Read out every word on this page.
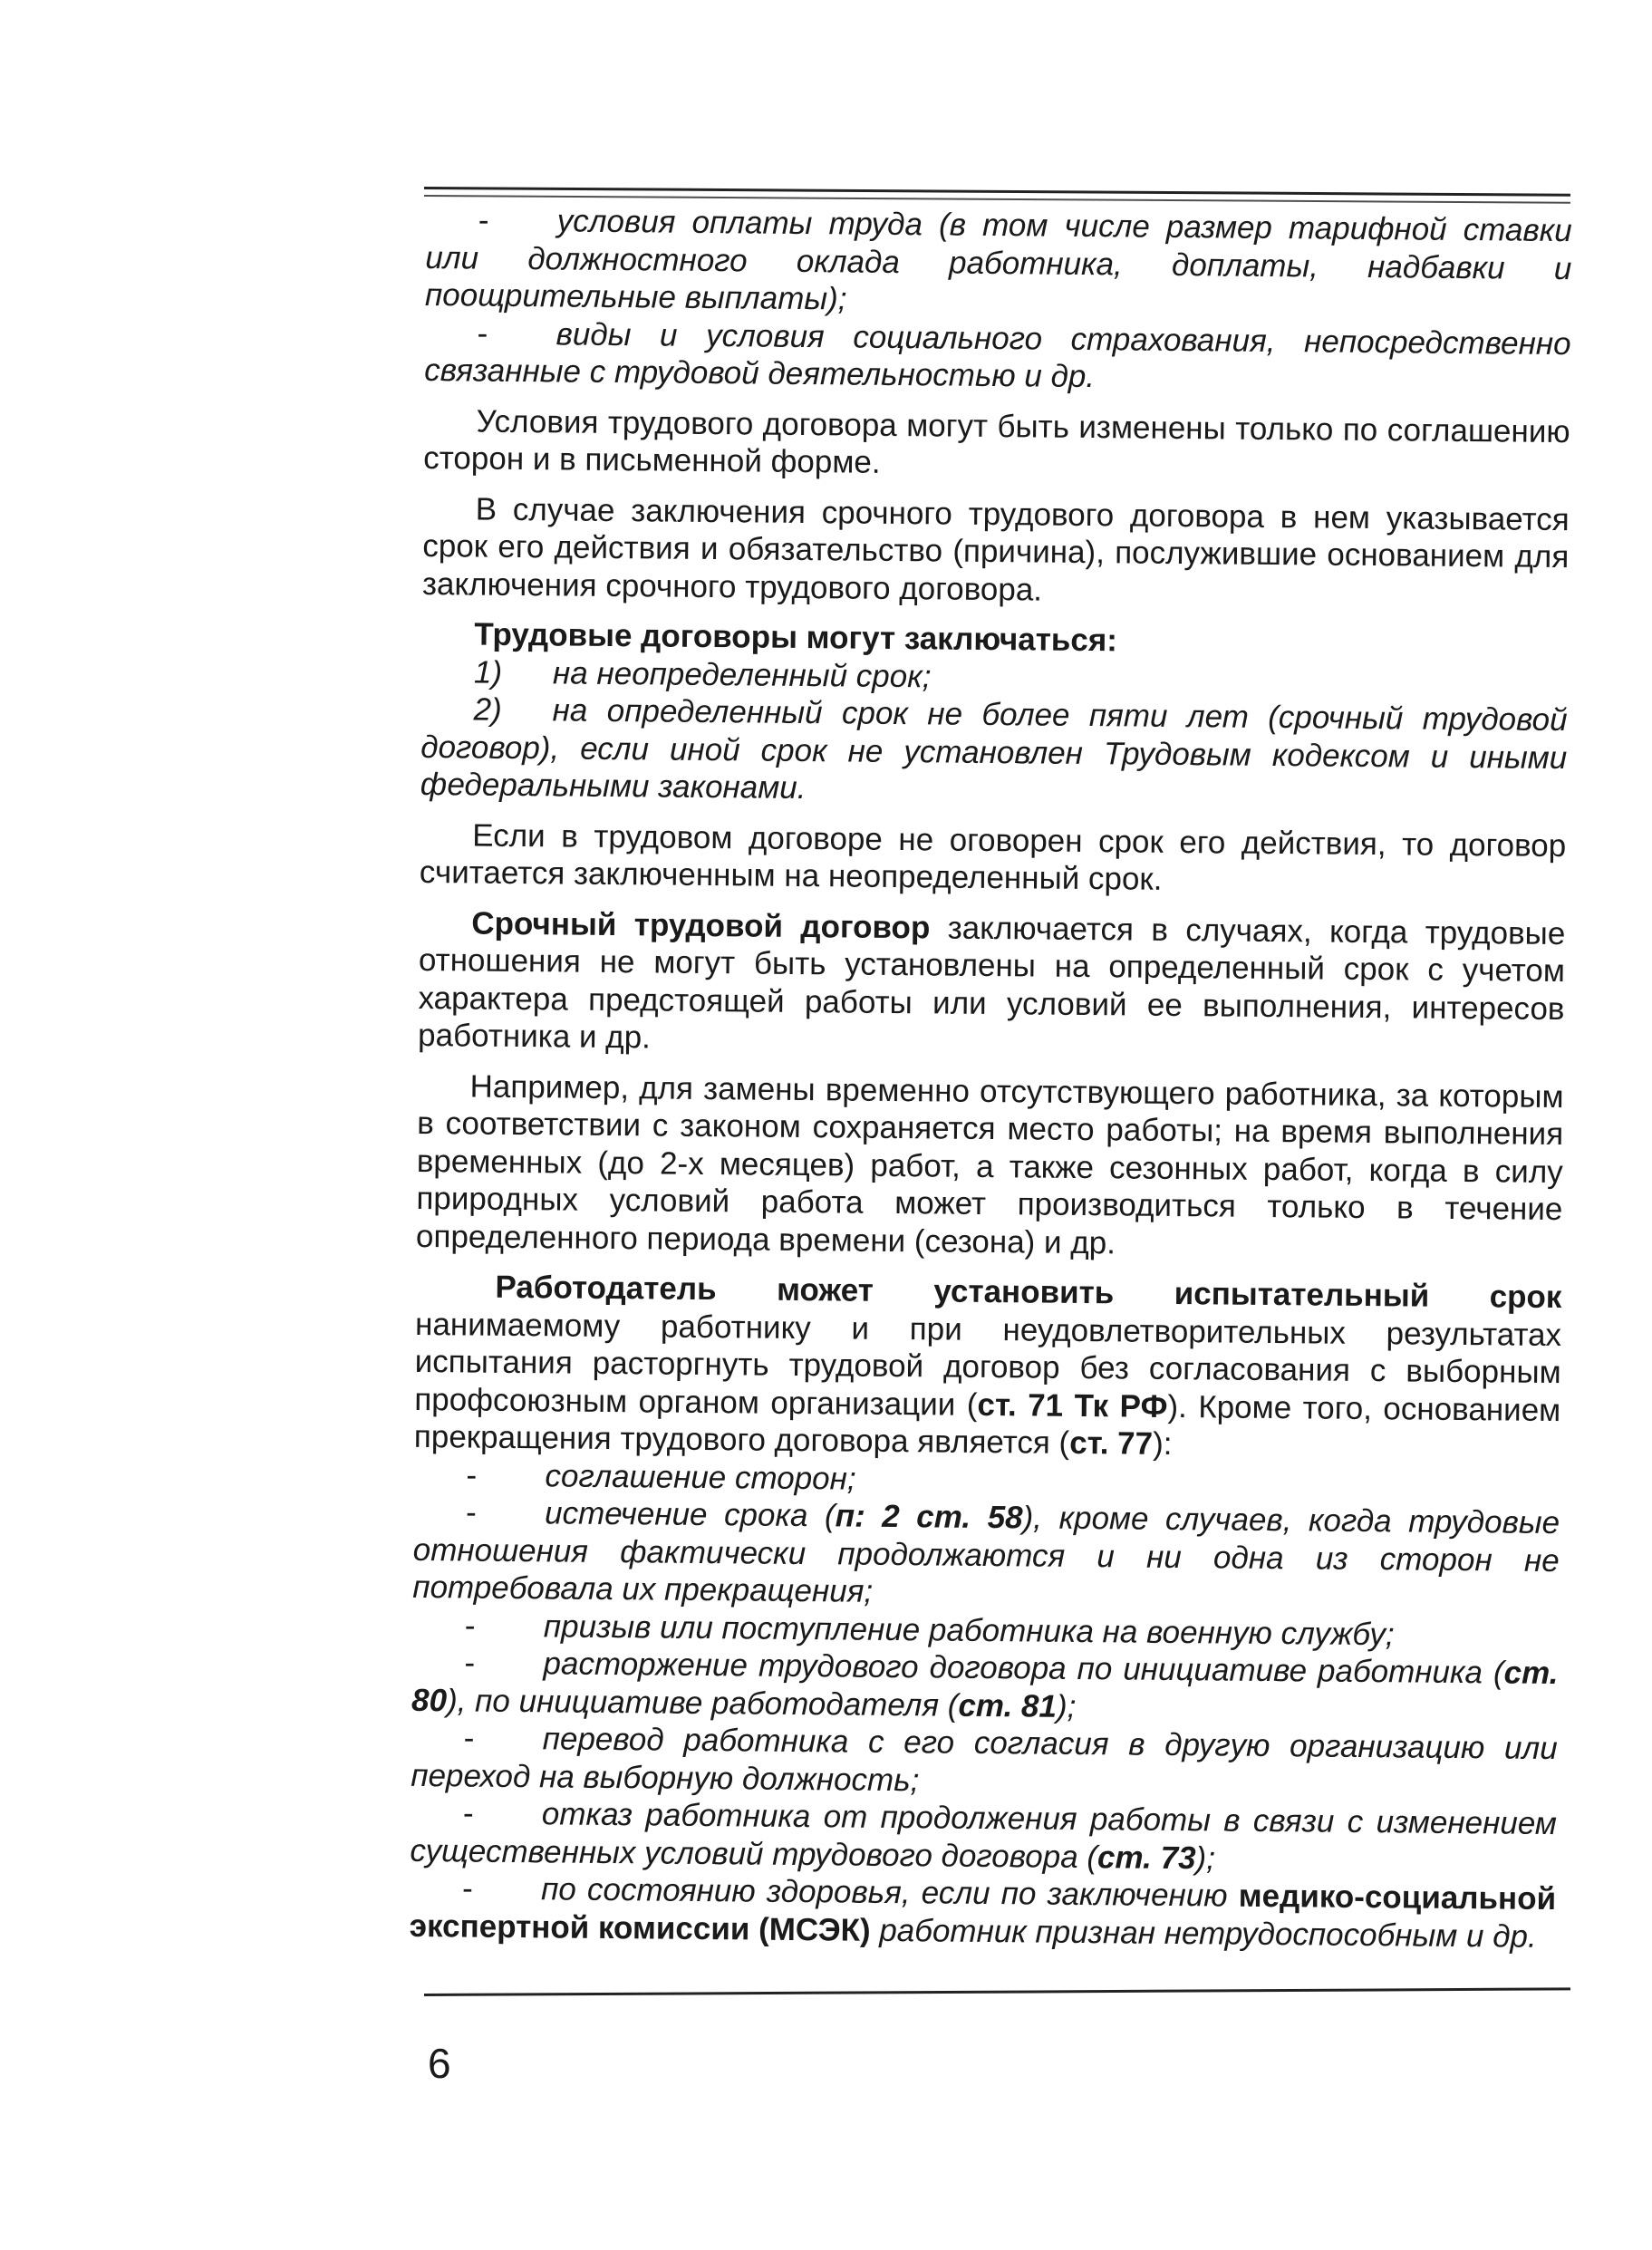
- условия оплаты труда (в том числе размер тарифной ставки или должностного оклада работника, доплаты, надбавки и поощрительные выплаты);

- виды и условия социального страхования, непосредственно связанные с трудовой деятельностью и др.

Условия трудового договора могут быть изменены только по соглашению сторон и в письменной форме.

В случае заключения срочного трудового договора в нем указывается срок его действия и обязательство (причина), послужившие основанием для заключения срочного трудового договора.

Трудовые договоры могут заключаться:

1) на неопределенный срок;

2) на определенный срок не более пяти лет (срочный трудовой договор), если иной срок не установлен Трудовым кодексом и иными федеральными законами.

Если в трудовом договоре не оговорен срок его действия, то договор считается заключенным на неопределенный срок.

Срочный трудовой договор заключается в случаях, когда трудовые отношения не могут быть установлены на определенный срок с учетом характера предстоящей работы или условий ее выполнения, интересов работника и др.

Например, для замены временно отсутствующего работника, за которым в соответствии с законом сохраняется место работы; на время выполнения временных (до 2-х месяцев) работ, а также сезонных работ, когда в силу природных условий работа может производиться только в течение определенного периода времени (сезона) и др.

Работодатель может установить испытательный срок нанимаемому работнику и при неудовлетворительных результатах испытания расторгнуть трудовой договор без согласования с выборным профсоюзным органом организации (ст. 71 Тк РФ). Кроме того, основанием прекращения трудового договора является (ст. 77):

- соглашение сторон;

- истечение срока (п: 2 ст. 58), кроме случаев, когда трудовые отношения фактически продолжаются и ни одна из сторон не потребовала их прекращения;

- призыв или поступление работника на военную службу;

- расторжение трудового договора по инициативе работника (ст. 80), по инициативе работодателя (ст. 81);

- перевод работника с его согласия в другую организацию или переход на выборную должность;

- отказ работника от продолжения работы в связи с изменением существенных условий трудового договора (ст. 73);

- по состоянию здоровья, если по заключению медико-социальной экспертной комиссии (МСЭК) работник признан нетрудоспособным и др.

6
